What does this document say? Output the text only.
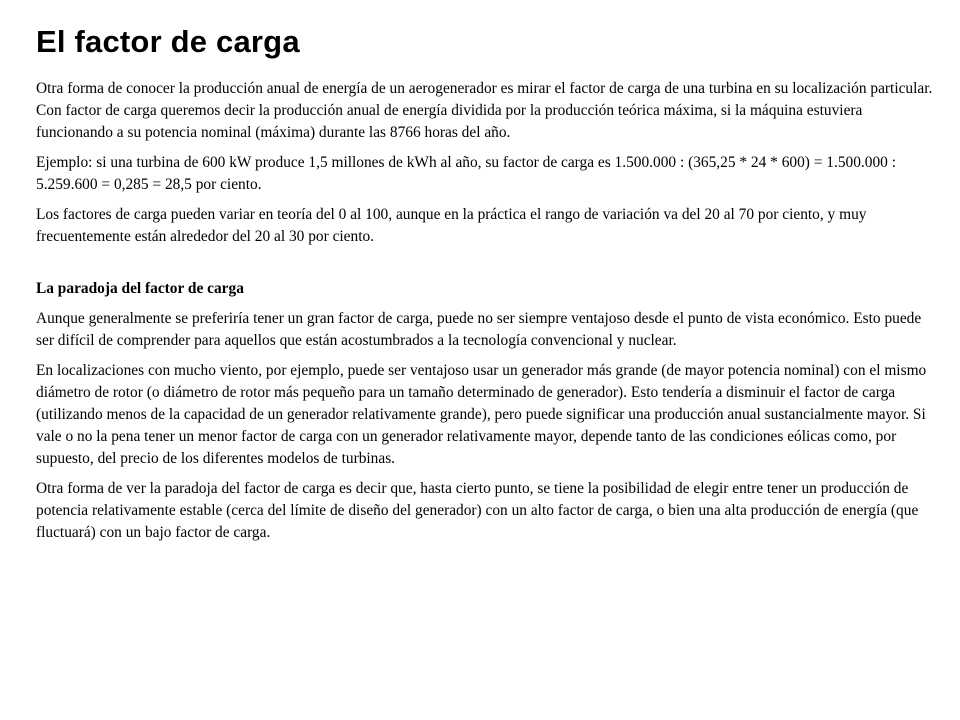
El factor de carga

Otra forma de conocer la producción anual de energía de un aerogenerador es mirar el factor de carga de una turbina en su localización particular. Con factor de carga queremos decir la producción anual de energía dividida por la producción teórica máxima, si la máquina estuviera funcionando a su potencia nominal (máxima) durante las 8766 horas del año.

Ejemplo: si una turbina de 600 kW produce 1,5 millones de kWh al año, su factor de carga es 1.500.000 : (365,25 * 24 * 600) = 1.500.000 : 5.259.600 = 0,285 = 28,5 por ciento.

Los factores de carga pueden variar en teoría del 0 al 100, aunque en la práctica el rango de variación va del 20 al 70 por ciento, y muy frecuentemente están alrededor del 20 al 30 por ciento.

La paradoja del factor de carga

Aunque generalmente se preferiría tener un gran factor de carga, puede no ser siempre ventajoso desde el punto de vista económico. Esto puede ser difícil de comprender para aquellos que están acostumbrados a la tecnología convencional y nuclear.

En localizaciones con mucho viento, por ejemplo, puede ser ventajoso usar un generador más grande (de mayor potencia nominal) con el mismo diámetro de rotor (o diámetro de rotor más pequeño para un tamaño determinado de generador). Esto tendería a disminuir el factor de carga (utilizando menos de la capacidad de un generador relativamente grande), pero puede significar una producción anual sustancialmente mayor. Si vale o no la pena tener un menor factor de carga con un generador relativamente mayor, depende tanto de las condiciones eólicas como, por supuesto, del precio de los diferentes modelos de turbinas.

Otra forma de ver la paradoja del factor de carga es decir que, hasta cierto punto, se tiene la posibilidad de elegir entre tener un producción de potencia relativamente estable (cerca del límite de diseño del generador) con un alto factor de carga, o bien una alta producción de energía (que fluctuará) con un bajo factor de carga.
